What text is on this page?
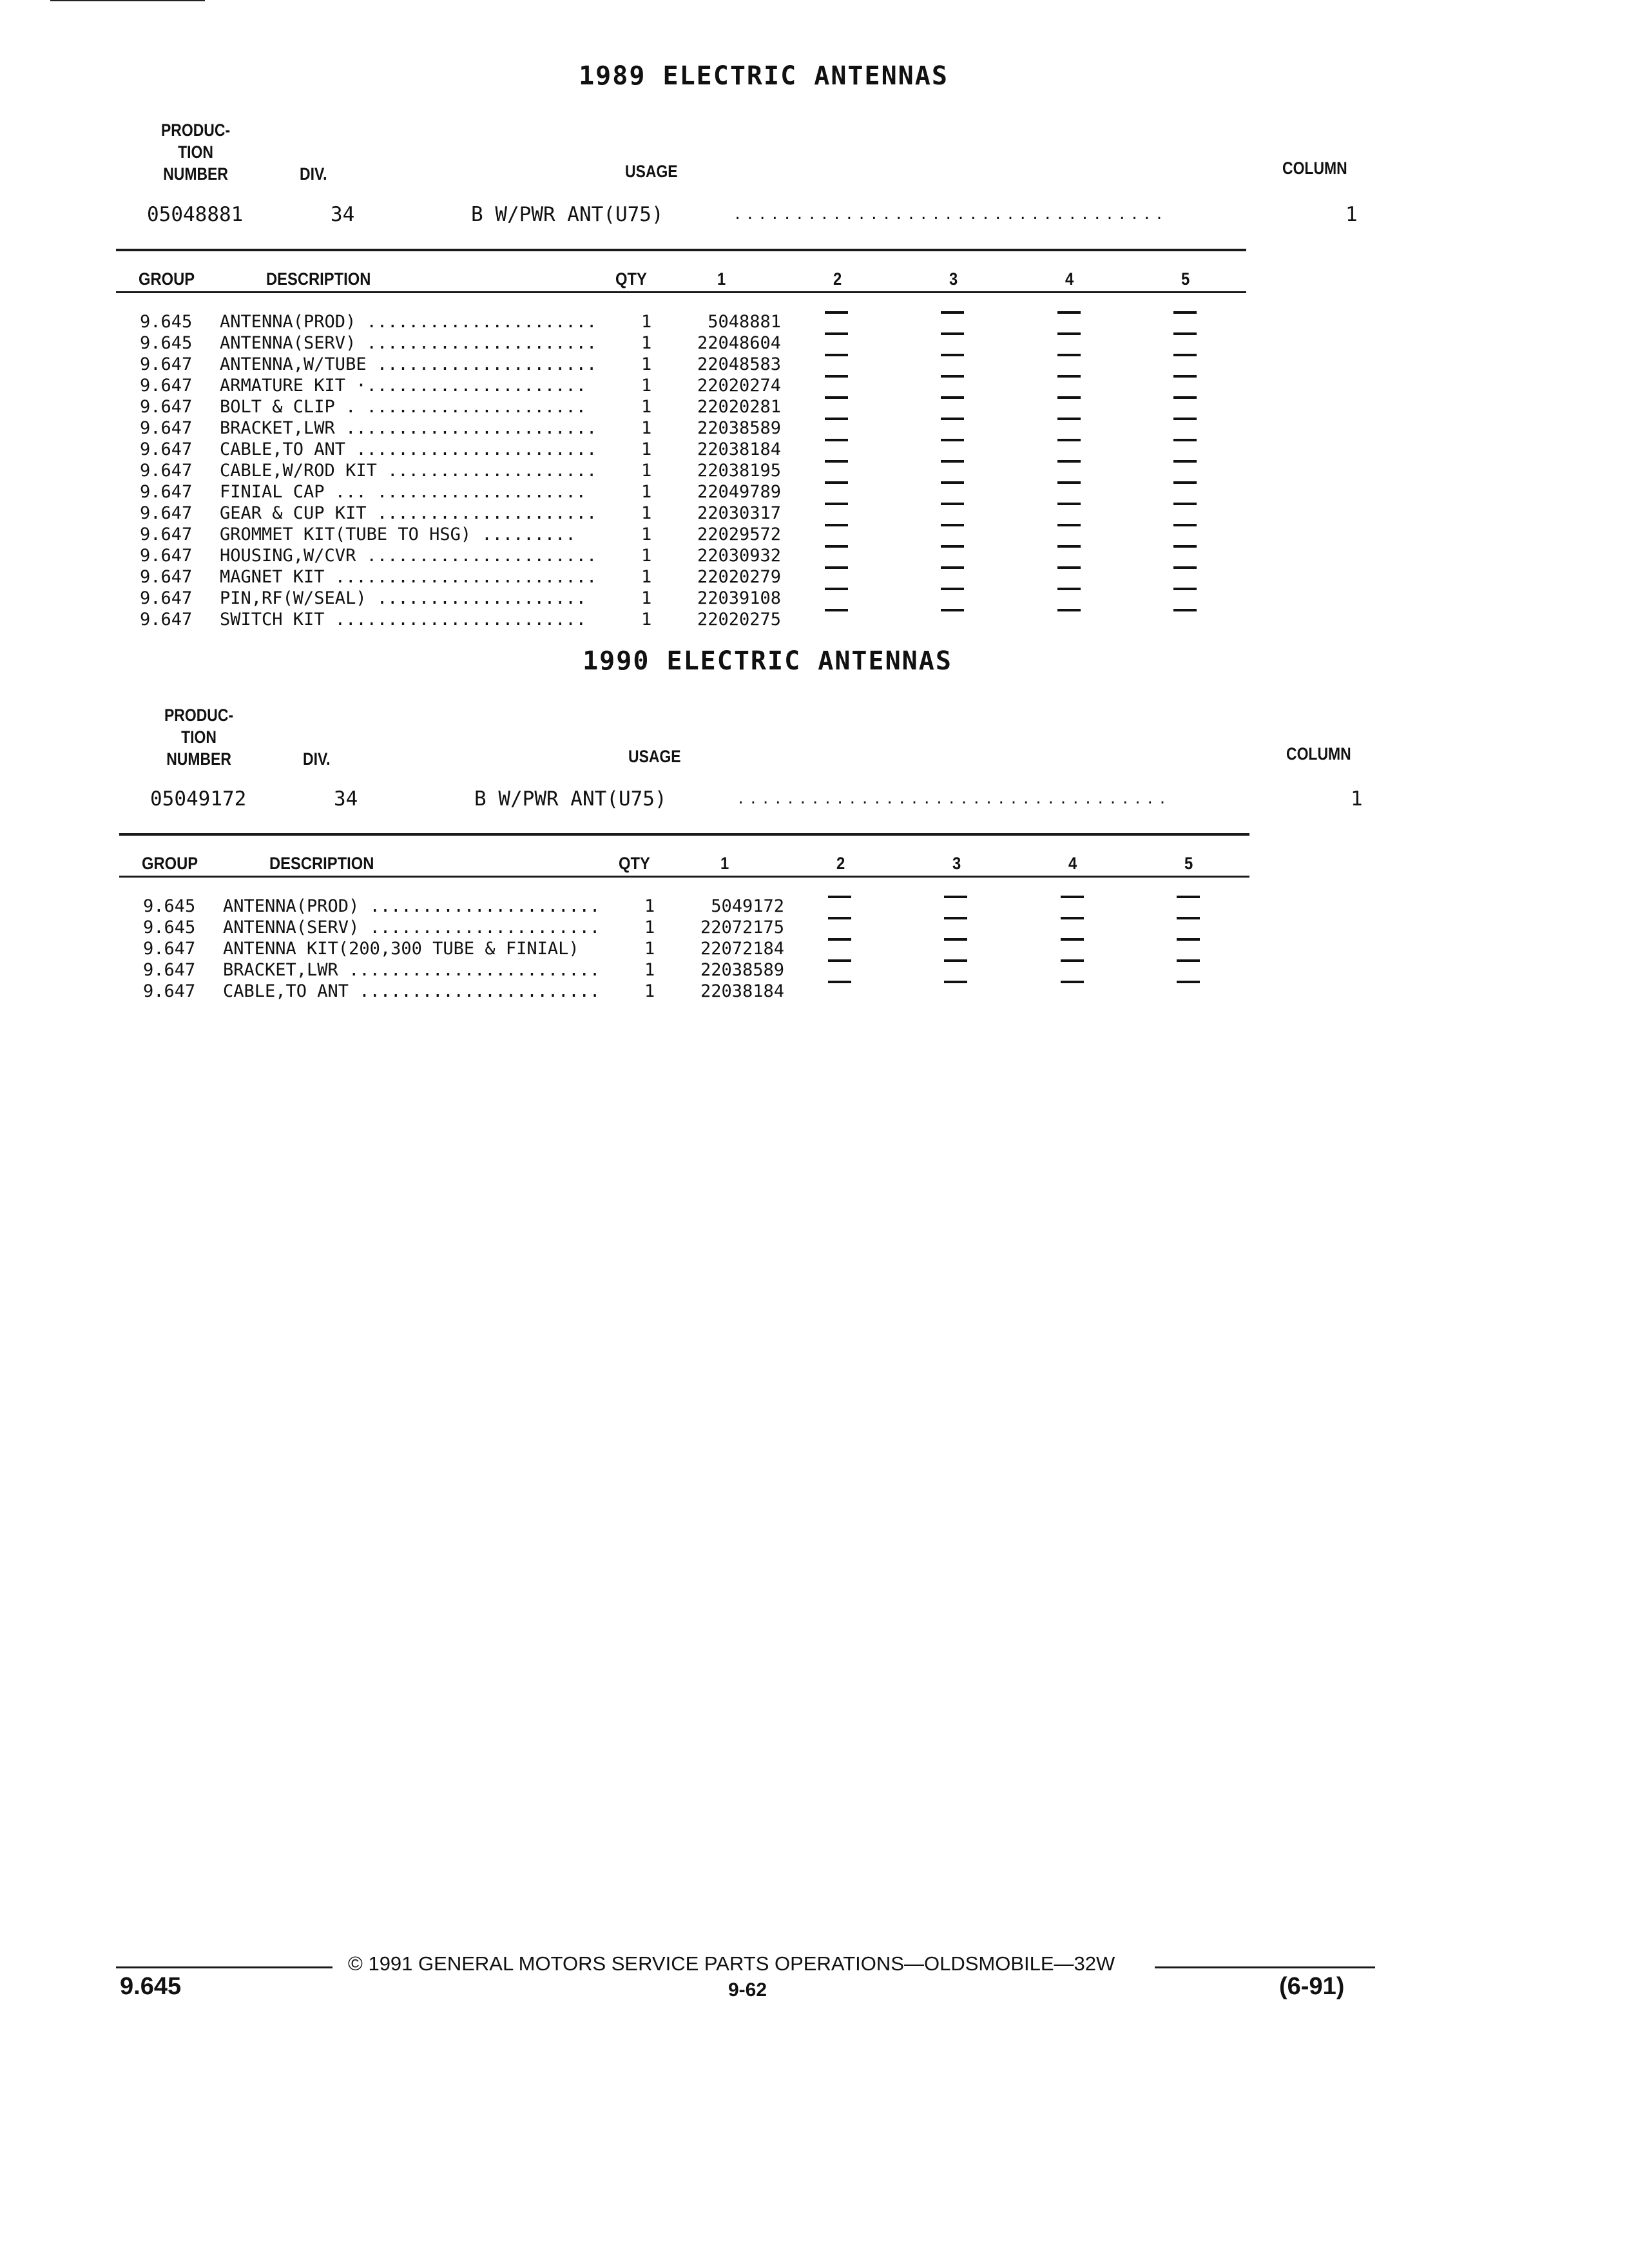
1989 ELECTRIC ANTENNAS
PRODUC-
TION
NUMBER	DIV.	USAGE	COLUMN
05048881	34	B W/PWR ANT(U75)	...................................	1
GROUP	DESCRIPTION	QTY	1	2	3	4	5
9.645 ANTENNA(PROD) ......................	1	5048881
9.645 ANTENNA(SERV) ......................	1	22048604
9.647 ANTENNA,W/TUBE .....................	1	22048583
9.647 ARMATURE KIT ·.....................	1	22020274
9.647 BOLT & CLIP . .....................	1	22020281
9.647 BRACKET,LWR ........................	1	22038589
9.647 CABLE,TO ANT .......................	1	22038184
9.647 CABLE,W/ROD KIT ....................	1	22038195
9.647 FINIAL CAP ... ....................	1	22049789
9.647 GEAR & CUP KIT .....................	1	22030317
9.647 GROMMET KIT(TUBE TO HSG) .........	1	22029572
9.647 HOUSING,W/CVR ......................	1	22030932
9.647 MAGNET KIT .........................	1	22020279
9.647 PIN,RF(W/SEAL) ....................	1	22039108
9.647 SWITCH KIT ........................	1	22020275
1990 ELECTRIC ANTENNAS
PRODUC-
TION
NUMBER	DIV.	USAGE	COLUMN
05049172	34	B W/PWR ANT(U75)	...................................	1
GROUP	DESCRIPTION	QTY	1	2	3	4	5
9.645 ANTENNA(PROD) ......................	1	5049172
9.645 ANTENNA(SERV) ......................	1	22072175
9.647 ANTENNA KIT(200,300 TUBE & FINIAL)	1	22072184
9.647 BRACKET,LWR ........................	1	22038589
9.647 CABLE,TO ANT .......................	1	22038184
© 1991 GENERAL MOTORS SERVICE PARTS OPERATIONS—OLDSMOBILE—32W
9.645	9-62	(6-91)
